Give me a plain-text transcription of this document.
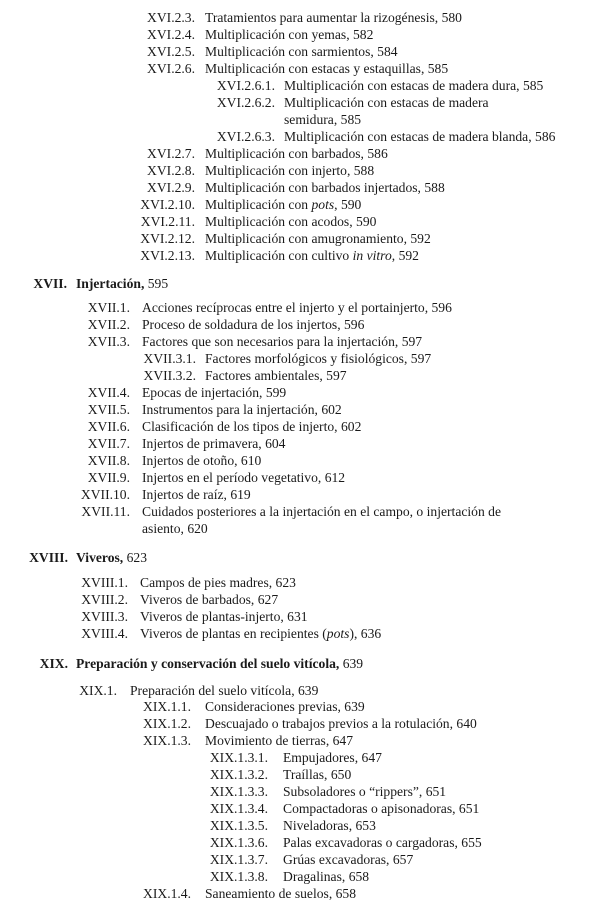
XVI.2.3. Tratamientos para aumentar la rizogénesis, 580
XVI.2.4. Multiplicación con yemas, 582
XVI.2.5. Multiplicación con sarmientos, 584
XVI.2.6. Multiplicación con estacas y estaquillas, 585
XVI.2.6.1. Multiplicación con estacas de madera dura, 585
XVI.2.6.2. Multiplicación con estacas de madera
semidura, 585
XVI.2.6.3. Multiplicación con estacas de madera blanda, 586
XVI.2.7. Multiplicación con barbados, 586
XVI.2.8. Multiplicación con injerto, 588
XVI.2.9. Multiplicación con barbados injertados, 588
XVI.2.10. Multiplicación con pots, 590
XVI.2.11. Multiplicación con acodos, 590
XVI.2.12. Multiplicación con amugronamiento, 592
XVI.2.13. Multiplicación con cultivo in vitro, 592
XVII. Injertación, 595
XVII.1. Acciones recíprocas entre el injerto y el portainjerto, 596
XVII.2. Proceso de soldadura de los injertos, 596
XVII.3. Factores que son necesarios para la injertación, 597
XVII.3.1. Factores morfológicos y fisiológicos, 597
XVII.3.2. Factores ambientales, 597
XVII.4. Epocas de injertación, 599
XVII.5. Instrumentos para la injertación, 602
XVII.6. Clasificación de los tipos de injerto, 602
XVII.7. Injertos de primavera, 604
XVII.8. Injertos de otoño, 610
XVII.9. Injertos en el período vegetativo, 612
XVII.10. Injertos de raíz, 619
XVII.11. Cuidados posteriores a la injertación en el campo, o injertación de
asiento, 620
XVIII. Viveros, 623
XVIII.1. Campos de pies madres, 623
XVIII.2. Viveros de barbados, 627
XVIII.3. Viveros de plantas-injerto, 631
XVIII.4. Viveros de plantas en recipientes (pots), 636
XIX. Preparación y conservación del suelo vitícola, 639
XIX.1. Preparación del suelo vitícola, 639
XIX.1.1. Consideraciones previas, 639
XIX.1.2. Descuajado o trabajos previos a la rotulación, 640
XIX.1.3. Movimiento de tierras, 647
XIX.1.3.1. Empujadores, 647
XIX.1.3.2. Traíllas, 650
XIX.1.3.3. Subsoladores o “rippers”, 651
XIX.1.3.4. Compactadoras o apisonadoras, 651
XIX.1.3.5. Niveladoras, 653
XIX.1.3.6. Palas excavadoras o cargadoras, 655
XIX.1.3.7. Grúas excavadoras, 657
XIX.1.3.8. Dragalinas, 658
XIX.1.4. Saneamiento de suelos, 658
